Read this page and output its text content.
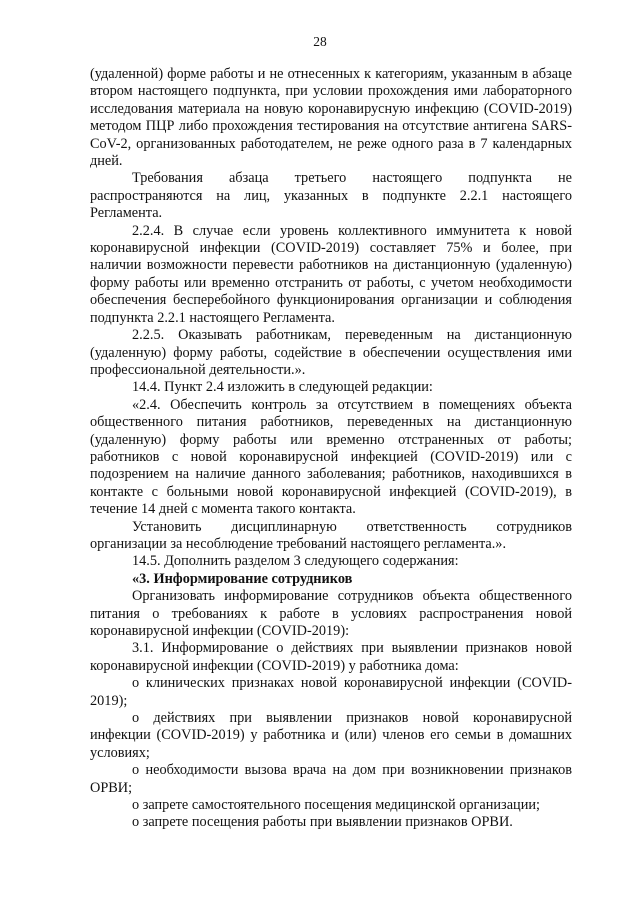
28

(удаленной) форме работы и не отнесенных к категориям, указанным в абзаце втором настоящего подпункта, при условии прохождения ими лабораторного исследования материала на новую коронавирусную инфекцию (COVID-2019) методом ПЦР либо прохождения тестирования на отсутствие антигена SARS-CoV-2, организованных работодателем, не реже одного раза в 7 календарных дней.

Требования абзаца третьего настоящего подпункта не распространяются на лиц, указанных в подпункте 2.2.1 настоящего Регламента.

2.2.4. В случае если уровень коллективного иммунитета к новой коронавирусной инфекции (COVID-2019) составляет 75% и более, при наличии возможности перевести работников на дистанционную (удаленную) форму работы или временно отстранить от работы, с учетом необходимости обеспечения бесперебойного функционирования организации и соблюдения подпункта 2.2.1 настоящего Регламента.

2.2.5. Оказывать работникам, переведенным на дистанционную (удаленную) форму работы, содействие в обеспечении осуществления ими профессиональной деятельности.».

14.4. Пункт 2.4 изложить в следующей редакции:

«2.4. Обеспечить контроль за отсутствием в помещениях объекта общественного питания работников, переведенных на дистанционную (удаленную) форму работы или временно отстраненных от работы; работников с новой коронавирусной инфекцией (COVID-2019) или с подозрением на наличие данного заболевания; работников, находившихся в контакте с больными новой коронавирусной инфекцией (COVID-2019), в течение 14 дней с момента такого контакта.

Установить дисциплинарную ответственность сотрудников организации за несоблюдение требований настоящего регламента.».

14.5. Дополнить разделом 3 следующего содержания:

«3. Информирование сотрудников

Организовать информирование сотрудников объекта общественного питания о требованиях к работе в условиях распространения новой коронавирусной инфекции (COVID-2019):

3.1. Информирование о действиях при выявлении признаков новой коронавирусной инфекции (COVID-2019) у работника дома:

о клинических признаках новой коронавирусной инфекции (COVID-2019);

о действиях при выявлении признаков новой коронавирусной инфекции (COVID-2019) у работника и (или) членов его семьи в домашних условиях;

о необходимости вызова врача на дом при возникновении признаков ОРВИ;

о запрете самостоятельного посещения медицинской организации;

о запрете посещения работы при выявлении признаков ОРВИ.
